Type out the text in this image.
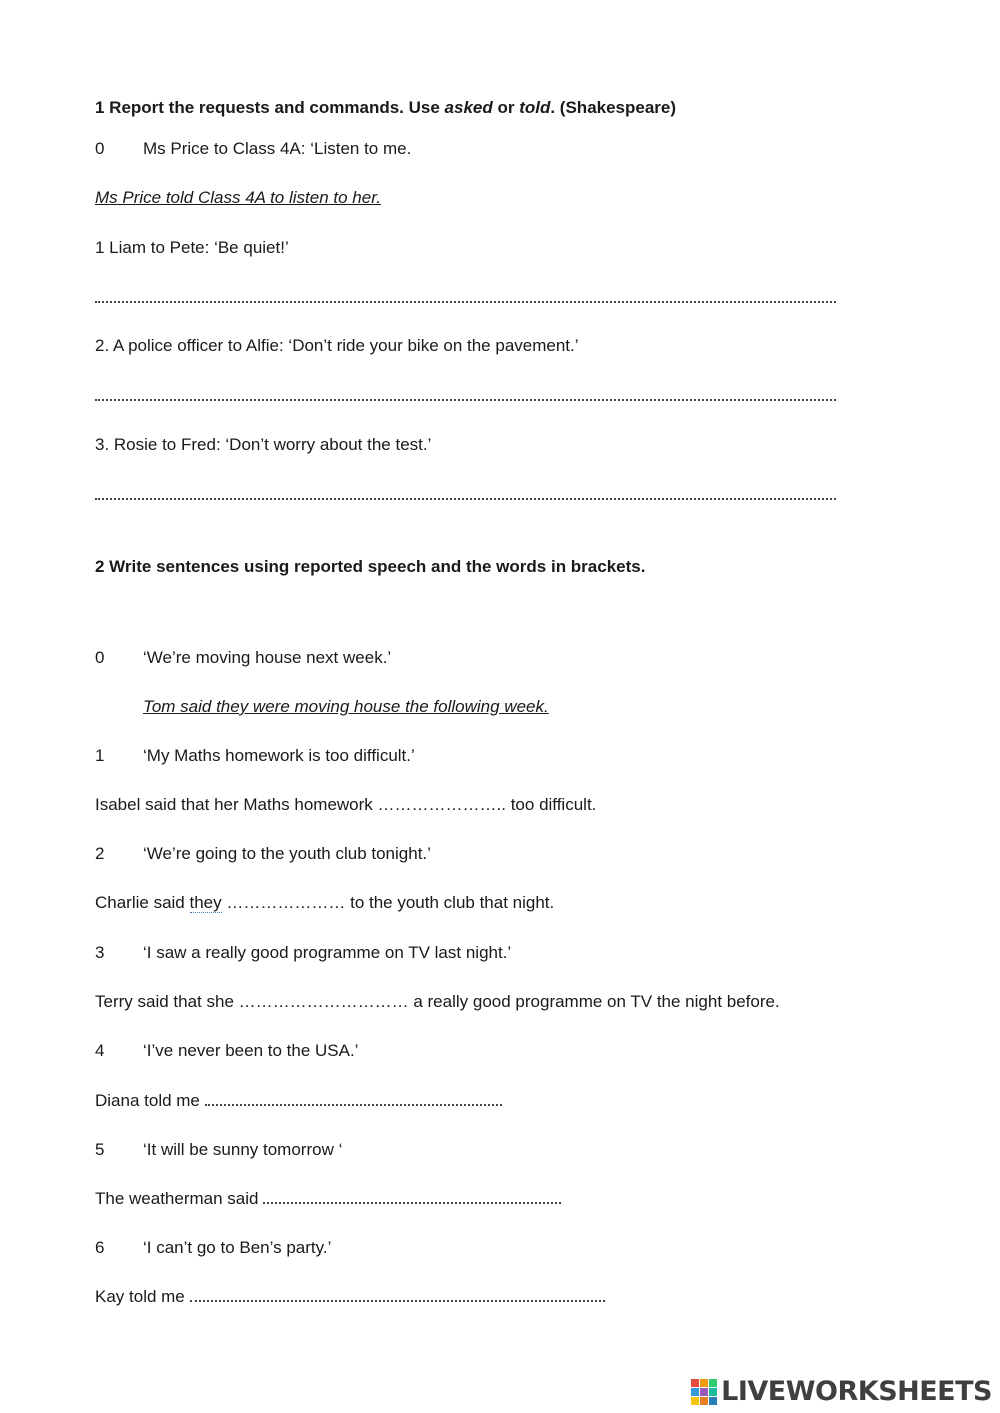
1 Report the requests and commands. Use asked or told. (Shakespeare)
0 Ms Price to Class 4A: ‘Listen to me.
Ms Price told Class 4A to listen to her.
1 Liam to Pete: ‘Be quiet!’
2. A police officer to Alfie: ‘Don’t ride your bike on the pavement.’
3. Rosie to Fred: ‘Don’t worry about the test.’
2 Write sentences using reported speech and the words in brackets.
0 ‘We’re moving house next week.’
Tom said they were moving house the following week.
1 ‘My Maths homework is too difficult.’
Isabel said that her Maths homework ………………….. too difficult.
2 ‘We’re going to the youth club tonight.’
Charlie said they ………………… to the youth club that night.
3 ‘I saw a really good programme on TV last night.’
Terry said that she ………………………… a really good programme on TV the night before.
4 ‘I’ve never been to the USA.’
Diana told me
5 ‘It will be sunny tomorrow ‘
The weatherman said
6 ‘I can’t go to Ben’s party.’
Kay told me
LIVEWORKSHEETS
